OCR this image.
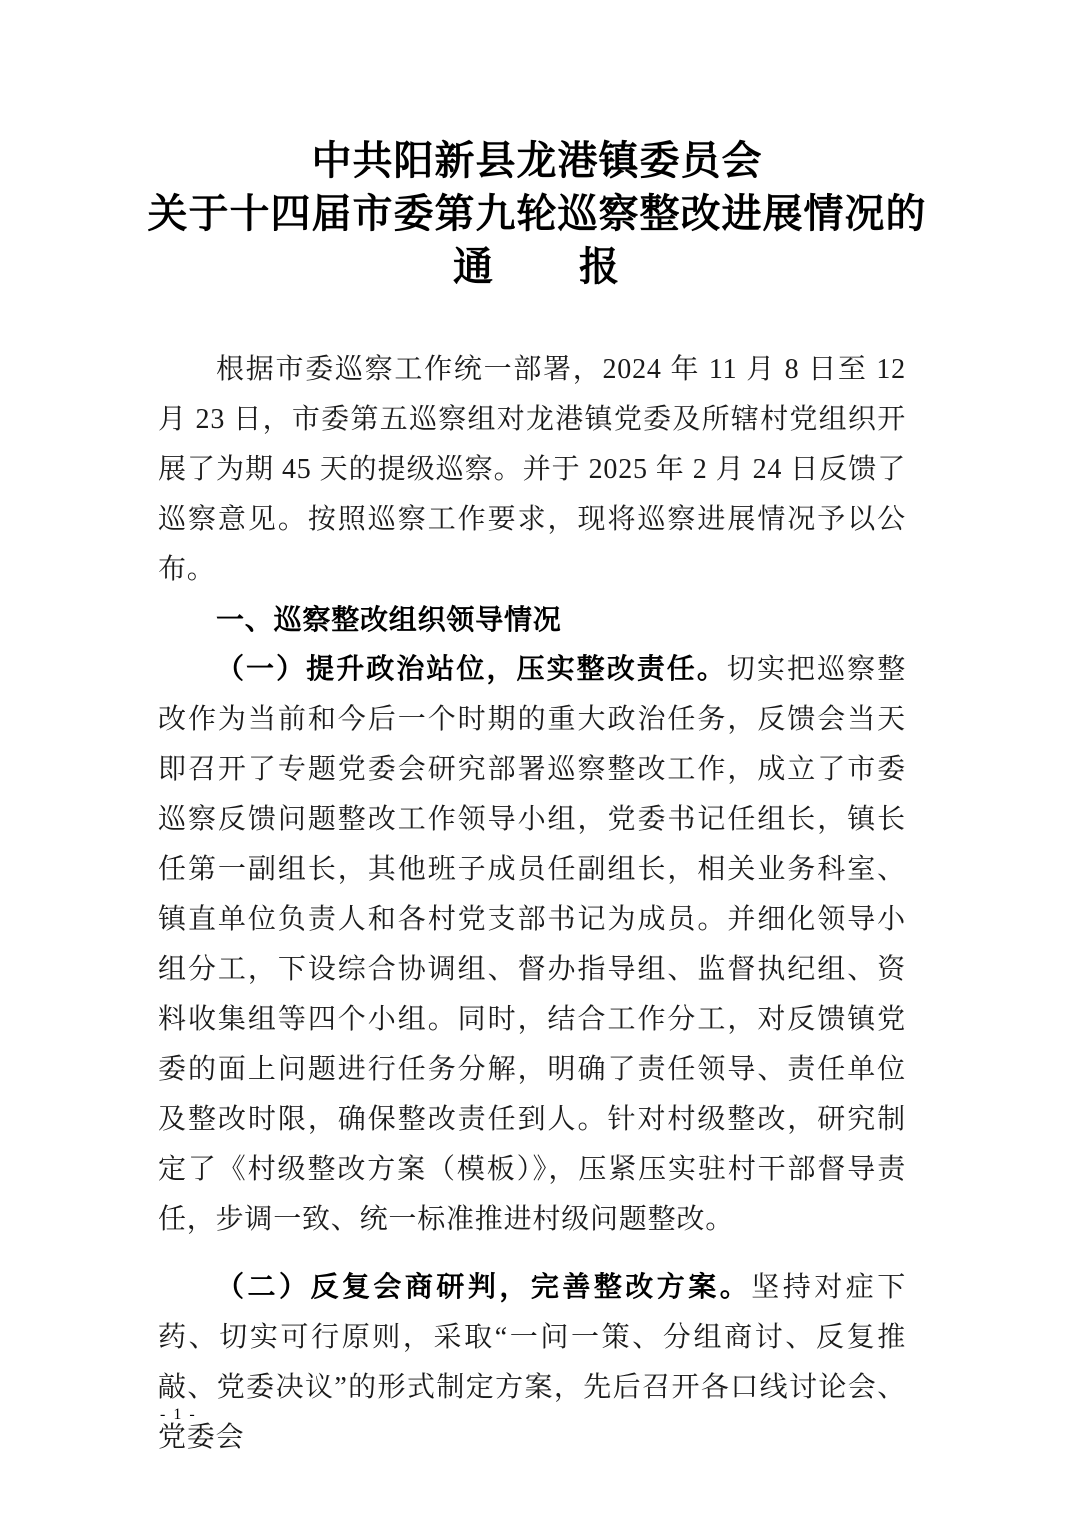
中共阳新县龙港镇委员会
关于十四届市委第九轮巡察整改进展情况的
通　　报

根据市委巡察工作统一部署，2024 年 11 月 8 日至 12 月 23 日，市委第五巡察组对龙港镇党委及所辖村党组织开展了为期 45 天的提级巡察。并于 2025 年 2 月 24 日反馈了巡察意见。按照巡察工作要求，现将巡察进展情况予以公布。

一、巡察整改组织领导情况

（一）提升政治站位，压实整改责任。切实把巡察整改作为当前和今后一个时期的重大政治任务，反馈会当天即召开了专题党委会研究部署巡察整改工作，成立了市委巡察反馈问题整改工作领导小组，党委书记任组长，镇长任第一副组长，其他班子成员任副组长，相关业务科室、镇直单位负责人和各村党支部书记为成员。并细化领导小组分工，下设综合协调组、督办指导组、监督执纪组、资料收集组等四个小组。同时，结合工作分工，对反馈镇党委的面上问题进行任务分解，明确了责任领导、责任单位及整改时限，确保整改责任到人。针对村级整改，研究制定了《村级整改方案（模板）》，压紧压实驻村干部督导责任，步调一致、统一标准推进村级问题整改。

（二）反复会商研判，完善整改方案。坚持对症下药、切实可行原则，采取“一问一策、分组商讨、反复推敲、党委决议”的形式制定方案，先后召开各口线讨论会、党委会

- 1 -
